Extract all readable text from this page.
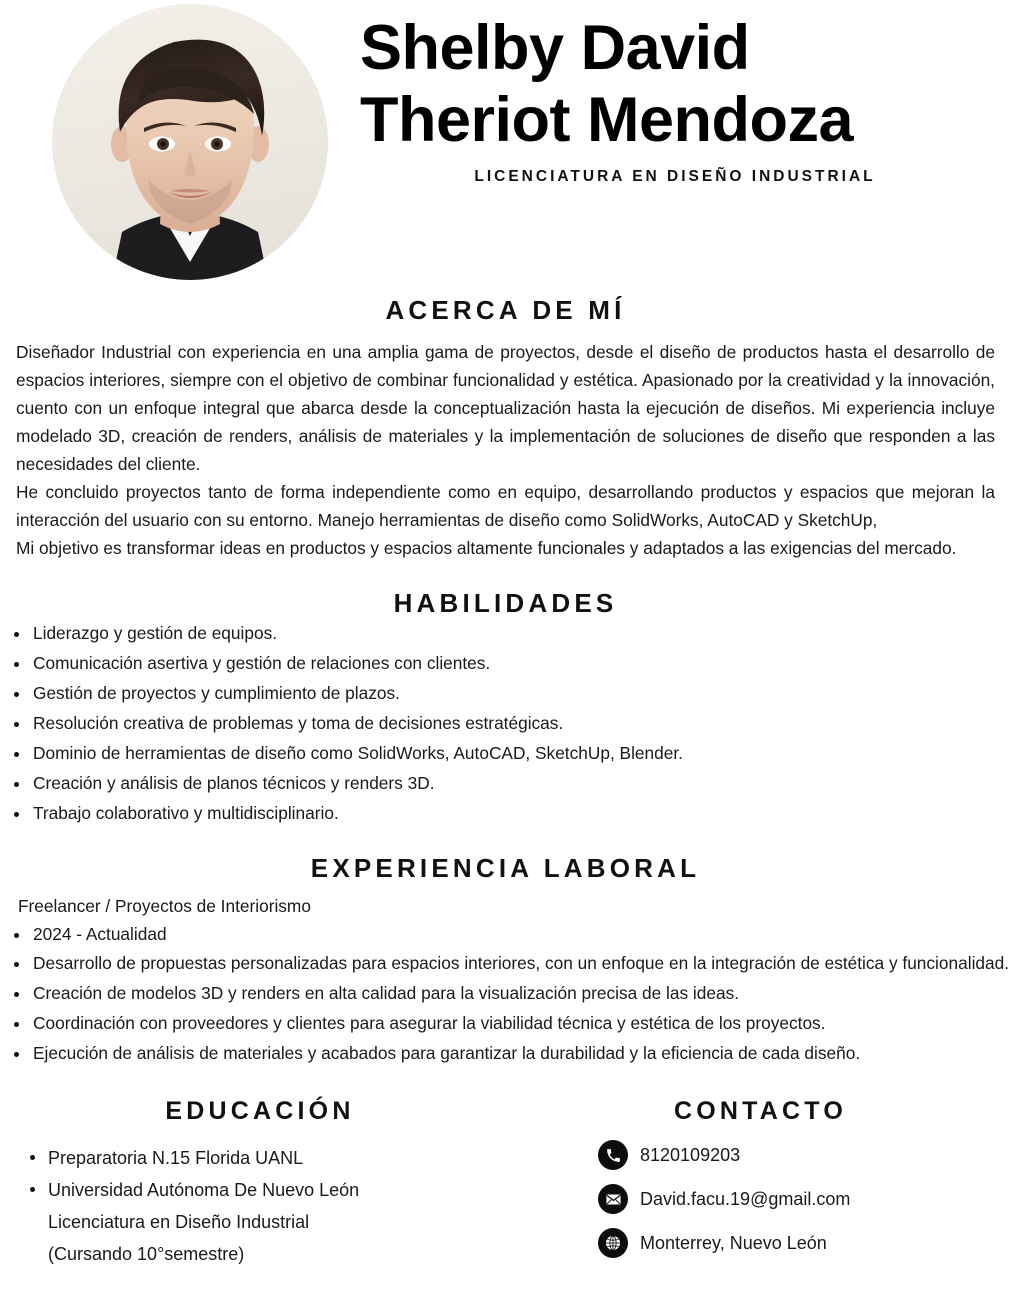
Shelby David
Theriot Mendoza
LICENCIATURA EN DISEÑO INDUSTRIAL
ACERCA DE MÍ

Diseñador Industrial con experiencia en una amplia gama de proyectos, desde el diseño de productos hasta el desarrollo de espacios interiores, siempre con el objetivo de combinar funcionalidad y estética. Apasionado por la creatividad y la innovación, cuento con un enfoque integral que abarca desde la conceptualización hasta la ejecución de diseños. Mi experiencia incluye modelado 3D, creación de renders, análisis de materiales y la implementación de soluciones de diseño que responden a las necesidades del cliente.

He concluido proyectos tanto de forma independiente como en equipo, desarrollando productos y espacios que mejoran la interacción del usuario con su entorno. Manejo herramientas de diseño como SolidWorks, AutoCAD y SketchUp,

Mi objetivo es transformar ideas en productos y espacios altamente funcionales y adaptados a las exigencias del mercado.

HABILIDADES
Liderazgo y gestión de equipos.
Comunicación asertiva y gestión de relaciones con clientes.
Gestión de proyectos y cumplimiento de plazos.
Resolución creativa de problemas y toma de decisiones estratégicas.
Dominio de herramientas de diseño como SolidWorks, AutoCAD, SketchUp, Blender.
Creación y análisis de planos técnicos y renders 3D.
Trabajo colaborativo y multidisciplinario.
EXPERIENCIA LABORAL
Freelancer / Proyectos de Interiorismo
2024 - Actualidad
Desarrollo de propuestas personalizadas para espacios interiores, con un enfoque en la integración de estética y funcionalidad.
Creación de modelos 3D y renders en alta calidad para la visualización precisa de las ideas.
Coordinación con proveedores y clientes para asegurar la viabilidad técnica y estética de los proyectos.
Ejecución de análisis de materiales y acabados para garantizar la durabilidad y la eficiencia de cada diseño.
EDUCACIÓN
Preparatoria N.15 Florida UANL
Universidad Autónoma De Nuevo León
Licenciatura en Diseño Industrial
(Cursando 10°semestre)
CONTACTO
8120109203
David.facu.19@gmail.com
Monterrey, Nuevo León
